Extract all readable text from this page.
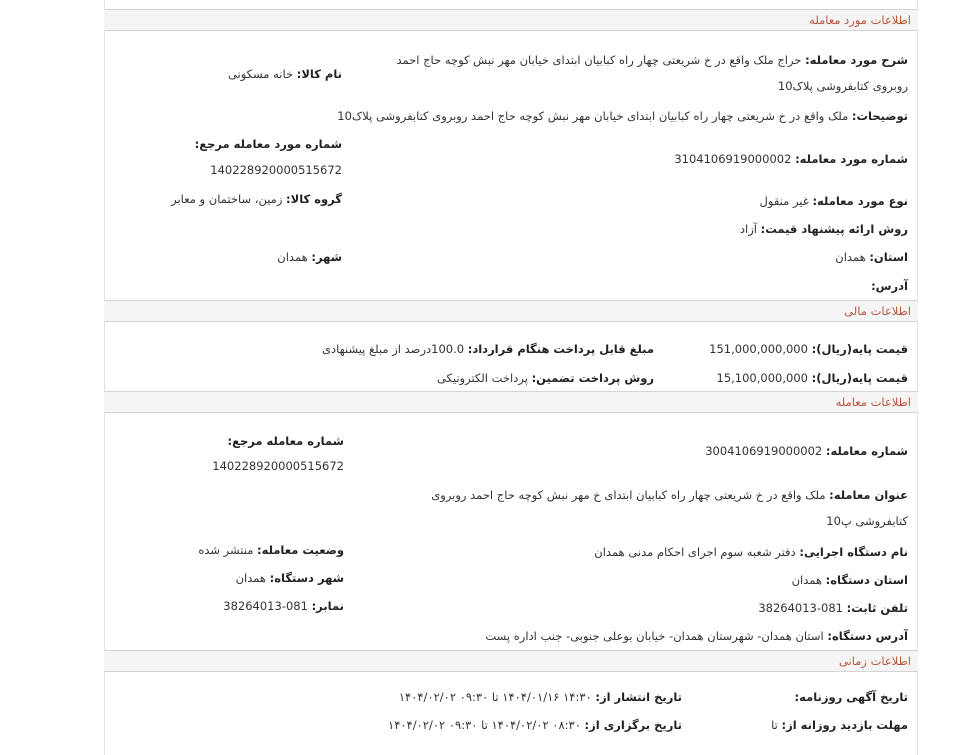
اطلاعات مورد معامله
شرح مورد معامله: حراج ملک واقع در خ شریعتی چهار راه کبابیان ابتدای خیابان مهر نبش کوچه حاج احمد
روبروی کتابفروشی پلاک10
نام کالا: خانه مسکونی
توضیحات: ملک واقع در خ شریعتی چهار راه کبابیان ابتدای خیابان مهر نبش کوچه حاج احمد روبروی کتابفروشی پلاک10
شماره مورد معامله مرجع:
140228920000515672
شماره مورد معامله: 3104106919000002
نوع مورد معامله: غیر منقول
گروه کالا: زمین، ساختمان و معابر
روش ارائه پیشنهاد قیمت: آزاد
استان: همدان
شهر: همدان
آدرس:
اطلاعات مالی
قیمت پایه(ریال): 151,000,000,000
مبلغ قابل پرداخت هنگام قرارداد: 100.0درصد از مبلغ پیشنهادی
قیمت پایه(ریال): 15,100,000,000
روش پرداخت تضمین: پرداخت الکترونیکی
اطلاعات معامله
شماره معامله: 3004106919000002
شماره معامله مرجع:
140228920000515672
عنوان معامله: ملک واقع در خ شریعتی چهار راه کبابیان ابتدای خ مهر نبش کوچه حاج احمد روبروی
کتابفروشی پ10
نام دستگاه اجرایی: دفتر شعبه سوم اجرای احکام مدنی همدان
وضعیت معامله: منتشر شده
استان دستگاه: همدان
شهر دستگاه: همدان
تلفن ثابت: 081-38264013
نمابر: 081-38264013
آدرس دستگاه: استان همدان- شهرستان همدان- خیابان بوعلی جنوبی- جنب اداره پست
اطلاعات زمانی
تاریخ آگهی روزنامه:
تاریخ انتشار از: ۱۴:۳۰ ۱۴۰۴/۰۱/۱۶ تا ۰۹:۳۰ ۱۴۰۴/۰۲/۰۲
مهلت بازدید روزانه از: تا
تاریخ برگزاری از: ۰۸:۳۰ ۱۴۰۴/۰۲/۰۲ تا ۰۹:۳۰ ۱۴۰۴/۰۲/۰۲
